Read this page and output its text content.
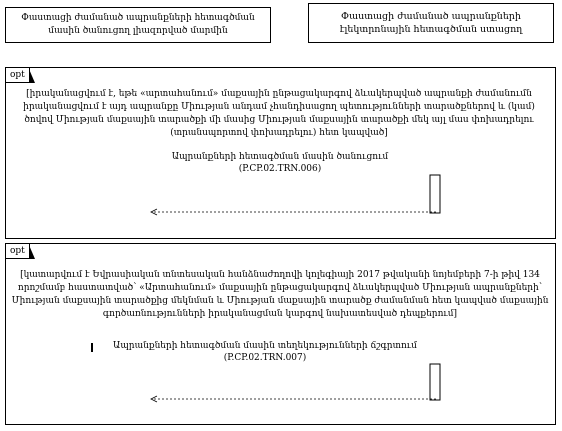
Փաստացի ժամանած ապրանքների հետագծման մասին ծանուցող լիազորված մարմին
Փաստացի ժամանած ապրանքների էլեկտրոնային հետագծման ստացող
opt
[իրականացվում է, եթե «արտահանում» մաքսային ընթացակարգով ձևակերպված ապրանքի ժամանումն իրականացվում է այդ ապրանքը Միության անդամ չհանդիսացող պետությունների տարածքներով և (կամ) ծովով Միության մաքսային տարածքի մի մասից Միության մաքսային տարածքի մեկ այլ մաս փոխադրելու (տրանսպորտով փոխադրելու) հետ կապված]
Ապրանքների հետագծման մասին ծանուցում
(P.CP.02.TRN.006)
opt
[կատարվում է Եվրասիական տնտեսական հանձնաժողովի կոլեգիայի 2017 թվականի նոյեմբերի 7-ի թիվ 134 որոշմամբ հաստատված՝ «Արտահանում» մաքսային ընթացակարգով ձևակերպված Միության ապրանքների՝ Միության մաքսային տարածքից մեկնման և Միության մաքսային տարածք ժամանման հետ կապված մաքսային գործառնությունների իրականացման կարգով նախատեսված դեպքերում]
Ապրանքների հետագծման մասին տեղեկությունների ճշգրտում
(P.CP.02.TRN.007)
